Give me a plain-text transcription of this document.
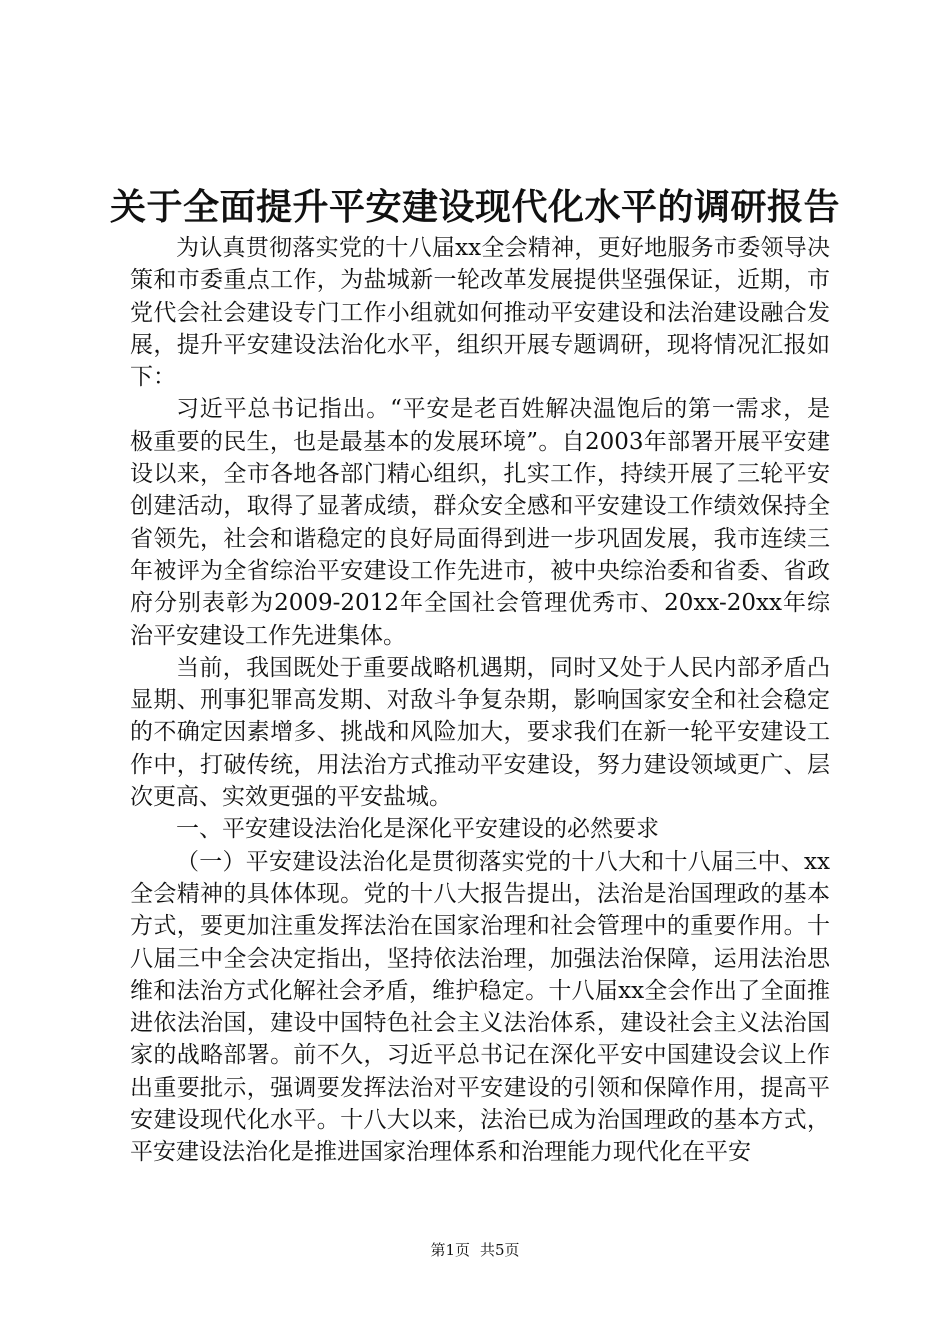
关于全面提升平安建设现代化水平的调研报告

为认真贯彻落实党的十八届xx全会精神，更好地服务市委领导决策和市委重点工作，为盐城新一轮改革发展提供坚强保证，近期，市党代会社会建设专门工作小组就如何推动平安建设和法治建设融合发展，提升平安建设法治化水平，组织开展专题调研，现将情况汇报如下：

习近平总书记指出。“平安是老百姓解决温饱后的第一需求，是极重要的民生，也是最基本的发展环境”。自2003年部署开展平安建设以来，全市各地各部门精心组织，扎实工作，持续开展了三轮平安创建活动，取得了显著成绩，群众安全感和平安建设工作绩效保持全省领先，社会和谐稳定的良好局面得到进一步巩固发展，我市连续三年被评为全省综治平安建设工作先进市，被中央综治委和省委、省政府分别表彰为2009-2012年全国社会管理优秀市、20xx-20xx年综治平安建设工作先进集体。

当前，我国既处于重要战略机遇期，同时又处于人民内部矛盾凸显期、刑事犯罪高发期、对敌斗争复杂期，影响国家安全和社会稳定的不确定因素增多、挑战和风险加大，要求我们在新一轮平安建设工作中，打破传统，用法治方式推动平安建设，努力建设领域更广、层次更高、实效更强的平安盐城。

一、平安建设法治化是深化平安建设的必然要求

（一）平安建设法治化是贯彻落实党的十八大和十八届三中、xx全会精神的具体体现。党的十八大报告提出，法治是治国理政的基本方式，要更加注重发挥法治在国家治理和社会管理中的重要作用。十八届三中全会决定指出，坚持依法治理，加强法治保障，运用法治思维和法治方式化解社会矛盾，维护稳定。十八届xx全会作出了全面推进依法治国，建设中国特色社会主义法治体系，建设社会主义法治国家的战略部署。前不久，习近平总书记在深化平安中国建设会议上作出重要批示，强调要发挥法治对平安建设的引领和保障作用，提高平安建设现代化水平。十八大以来，法治已成为治国理政的基本方式，平安建设法治化是推进国家治理体系和治理能力现代化在平安

第1页 共5页
